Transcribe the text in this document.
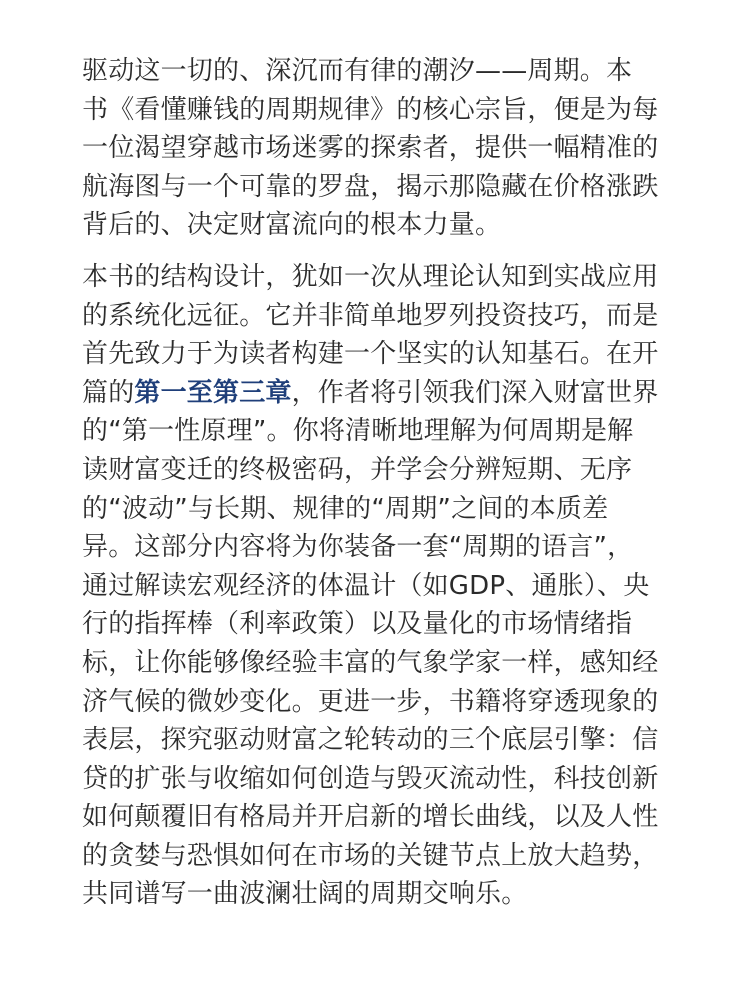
驱动这一切的、深沉而有律的潮汐——周期。本
书《看懂赚钱的周期规律》的核心宗旨，便是为每
一位渴望穿越市场迷雾的探索者，提供一幅精准的
航海图与一个可靠的罗盘，揭示那隐藏在价格涨跌
背后的、决定财富流向的根本力量。

本书的结构设计，犹如一次从理论认知到实战应用
的系统化远征。它并非简单地罗列投资技巧，而是
首先致力于为读者构建一个坚实的认知基石。在开
篇的第一至第三章，作者将引领我们深入财富世界
的“第一性原理”。你将清晰地理解为何周期是解
读财富变迁的终极密码，并学会分辨短期、无序
的“波动”与长期、规律的“周期”之间的本质差
异。这部分内容将为你装备一套“周期的语言”，
通过解读宏观经济的体温计（如GDP、通胀）、央
行的指挥棒（利率政策）以及量化的市场情绪指
标，让你能够像经验丰富的气象学家一样，感知经
济气候的微妙变化。更进一步，书籍将穿透现象的
表层，探究驱动财富之轮转动的三个底层引擎：信
贷的扩张与收缩如何创造与毁灭流动性，科技创新
如何颠覆旧有格局并开启新的增长曲线，以及人性
的贪婪与恐惧如何在市场的关键节点上放大趋势，
共同谱写一曲波澜壮阔的周期交响乐。
